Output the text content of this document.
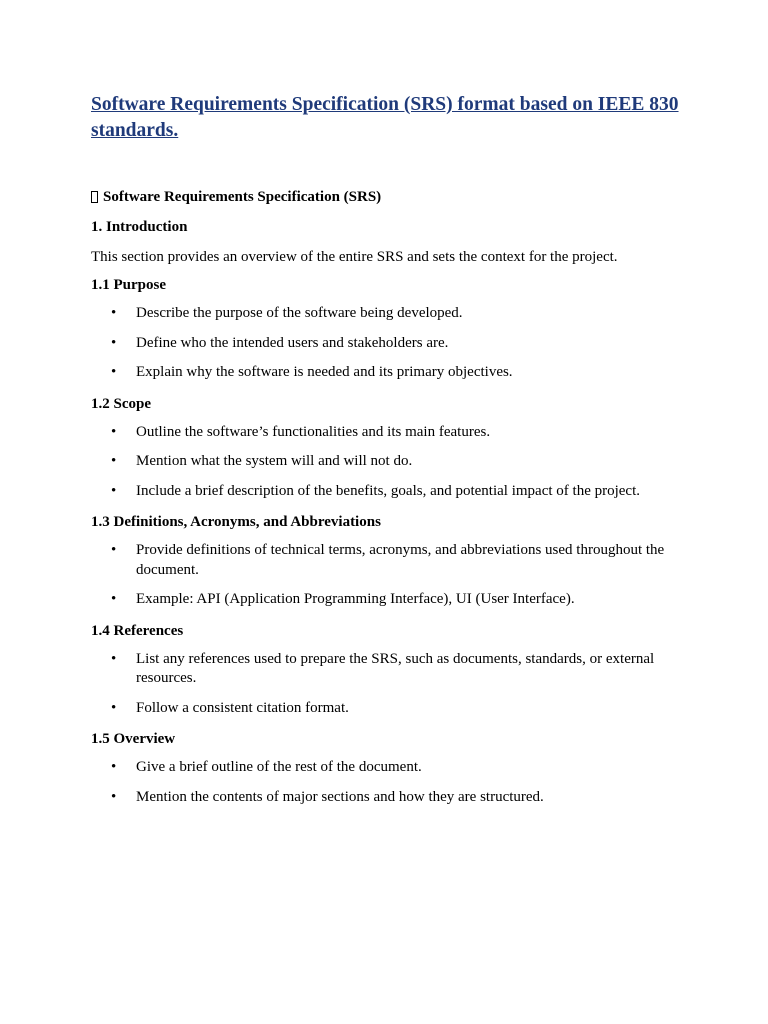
Software Requirements Specification (SRS) format based on IEEE 830 standards.
Software Requirements Specification (SRS)

1. Introduction

This section provides an overview of the entire SRS and sets the context for the project.

1.1 Purpose

• Describe the purpose of the software being developed.
• Define who the intended users and stakeholders are.
• Explain why the software is needed and its primary objectives.

1.2 Scope

• Outline the software’s functionalities and its main features.
• Mention what the system will and will not do.
• Include a brief description of the benefits, goals, and potential impact of the project.

1.3 Definitions, Acronyms, and Abbreviations

• Provide definitions of technical terms, acronyms, and abbreviations used throughout the document.
• Example: API (Application Programming Interface), UI (User Interface).

1.4 References

• List any references used to prepare the SRS, such as documents, standards, or external resources.
• Follow a consistent citation format.

1.5 Overview

• Give a brief outline of the rest of the document.
• Mention the contents of major sections and how they are structured.
